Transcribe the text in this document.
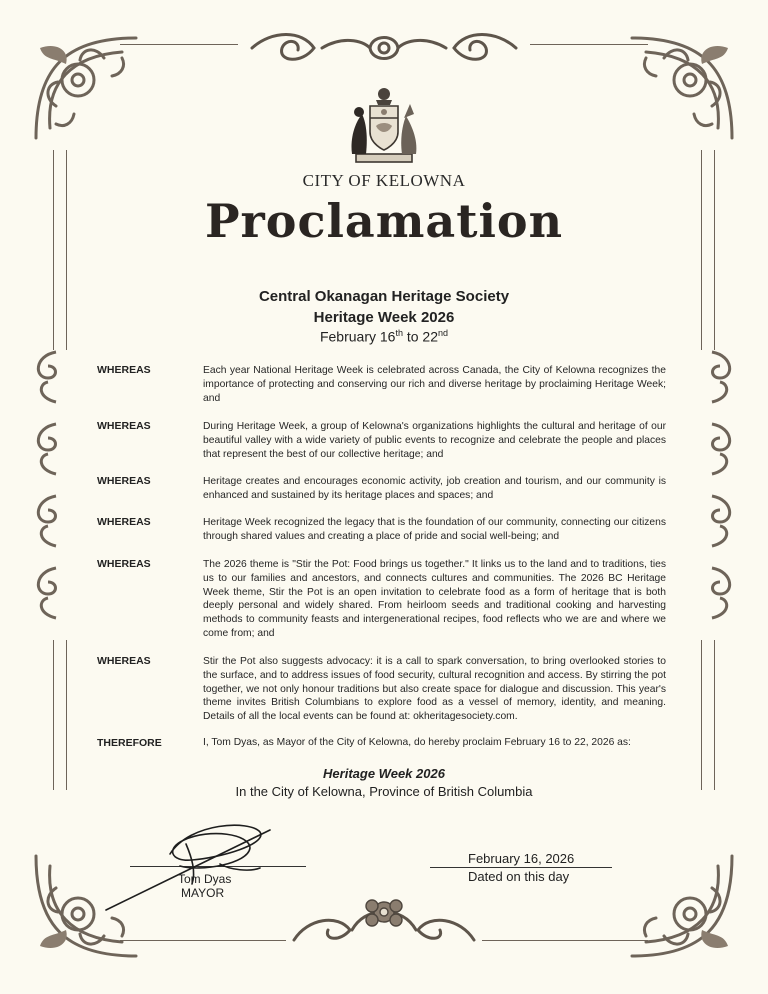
CITY OF KELOWNA
Proclamation
Central Okanagan Heritage Society
Heritage Week 2026
February 16th to 22nd
WHEREAS	Each year National Heritage Week is celebrated across Canada, the City of Kelowna recognizes the importance of protecting and conserving our rich and diverse heritage by proclaiming Heritage Week; and
WHEREAS	During Heritage Week, a group of Kelowna's organizations highlights the cultural and heritage of our beautiful valley with a wide variety of public events to recognize and celebrate the people and places that represent the best of our collective heritage; and
WHEREAS	Heritage creates and encourages economic activity, job creation and tourism, and our community is enhanced and sustained by its heritage places and spaces; and
WHEREAS	Heritage Week recognized the legacy that is the foundation of our community, connecting our citizens through shared values and creating a place of pride and social well-being; and
WHEREAS	The 2026 theme is "Stir the Pot: Food brings us together." It links us to the land and to traditions, ties us to our families and ancestors, and connects cultures and communities. The 2026 BC Heritage Week theme, Stir the Pot is an open invitation to celebrate food as a form of heritage that is both deeply personal and widely shared. From heirloom seeds and traditional cooking and harvesting methods to community feasts and intergenerational recipes, food reflects who we are and where we come from; and
WHEREAS	Stir the Pot also suggests advocacy: it is a call to spark conversation, to bring overlooked stories to the surface, and to address issues of food security, cultural recognition and access. By stirring the pot together, we not only honour traditions but also create space for dialogue and discussion. This year's theme invites British Columbians to explore food as a vessel of memory, identity, and meaning. Details of all the local events can be found at: okheritagesociety.com.
THEREFORE	I, Tom Dyas, as Mayor of the City of Kelowna, do hereby proclaim February 16 to 22, 2026 as:
Heritage Week 2026
In the City of Kelowna, Province of British Columbia
Tom Dyas
MAYOR
February 16, 2026
Dated on this day
